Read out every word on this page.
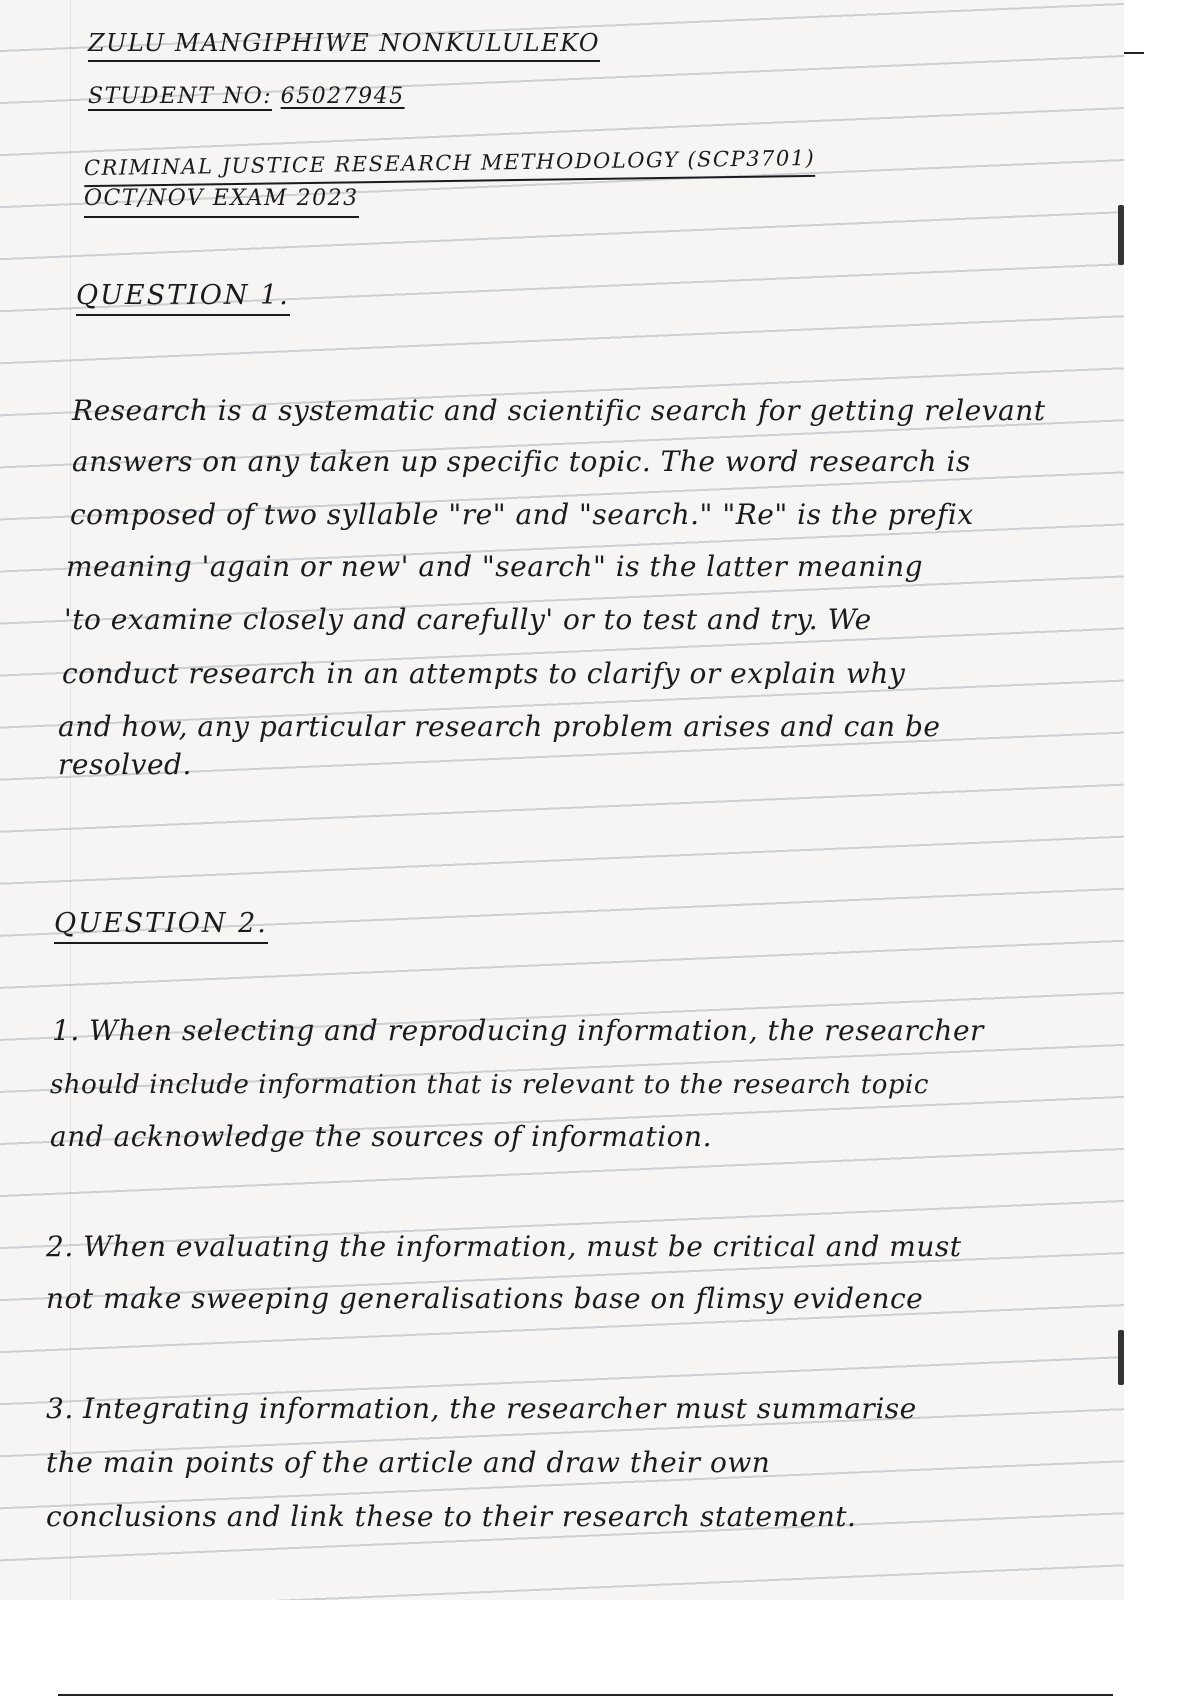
ZULU MANGIPHIWE NONKULULEKO

STUDENT NO: 65027945

CRIMINAL JUSTICE RESEARCH METHODOLOGY (SCP3701)

OCT/NOV EXAM 2023

QUESTION 1.

Research is a systematic and scientific search for getting relevant

answers on any taken up specific topic. The word research is

composed of two syllable "re" and "search." "Re" is the prefix

meaning 'again or new' and "search" is the latter meaning

'to examine closely and carefully' or to test and try. We

conduct research in an attempts to clarify or explain why

and how, any particular research problem arises and can be

resolved.

QUESTION 2.

1. When selecting and reproducing information, the researcher

should include information that is relevant to the research topic

and acknowledge the sources of information.

2. When evaluating the information, must be critical and must

not make sweeping generalisations base on flimsy evidence

3. Integrating information, the researcher must summarise

the main points of the article and draw their own

conclusions and link these to their research statement.
